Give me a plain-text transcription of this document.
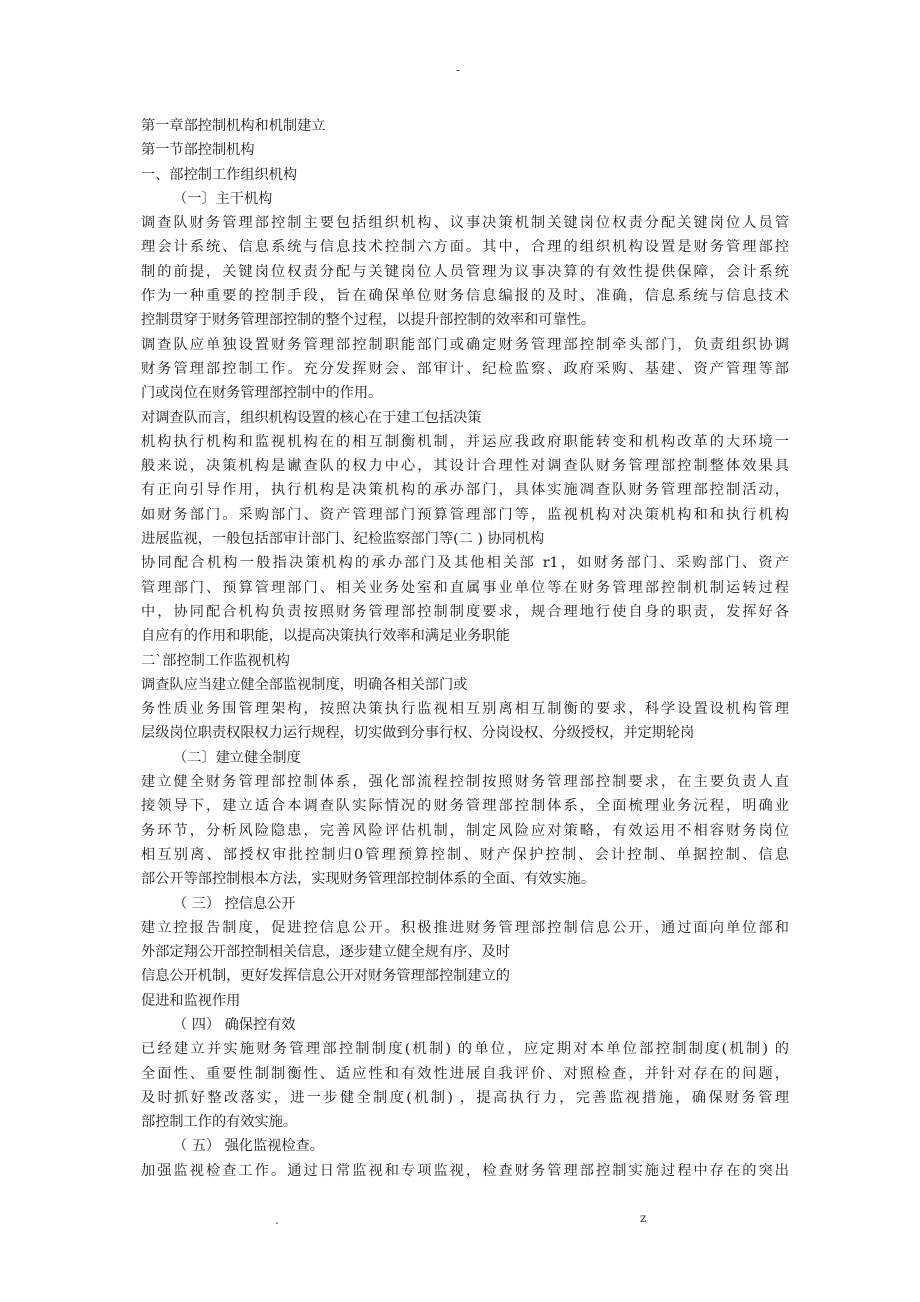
-
第一章部控制机构和机制建立
第一节部控制机构
一、部控制工作组织机构
（一〕主干机构
调查队财务管理部控制主要包括组织机构、议事决策机制关键岗位权责分配关键岗位人员管
理会计系统、信息系统与信息技术控制六方面。其中，合理的组织机构设置是财务管理部控
制的前提，关键岗位权责分配与关键岗位人员管理为议事决算的有效性提供保障，会计系统
作为一种重要的控制手段，旨在确保单位财务信息编报的及时、准确，信息系统与信息技术
控制贯穿于财务管理部控制的整个过程，以提升部控制的效率和可靠性。
调查队应单独设置财务管理部控制职能部门或确定财务管理部控制牵头部门，负责组织协调
财务管理部控制工作。充分发挥财会、部审计、纪检监察、政府采购、基建、资产管理等部
门或岗位在财务管理部控制中的作用。
对调查队而言，组织机构设置的核心在于建工包括决策
机构执行机构和监视机构在的相互制衡机制，并运应我政府职能转变和机构改革的大环境一
般来说，决策机构是谳查队的权力中心，其设计合理性对调查队财务管理部控制整体效果具
有正向引导作用，执行机构是决策机构的承办部门，具体实施凋查队财务管理部控制活动，
如财务部门。采购部门、资产管理部门预算管理部门等，监视机构对决策机构和和执行机构
进展监视，一般包括部审计部门、纪检监察部门等(二 ) 协同机构
协同配合机构一般指决策机构的承办部门及其他相关部 r1，如财务部门、采购部门、资产
管理部门、预算管理部门、相关业务处室和直属事业单位等在财务管理部控制机制运转过程
中，协同配合机构负责按照财务管理部控制制度要求，规合理地行使自身的职责，发挥好各
自应有的作用和职能，以提高决策执行效率和满足业务职能
二`部控制工作监视机构
调查队应当建立健全部监视制度，明确各相关部门或
务性质业务围管理架构，按照决策执行监视相互别离相互制衡的要求，科学设置设机构管理
层级岗位职责权限权力运行规程，切实做到分事行权、分岗设权、分级授权，并定期轮岗
（二〕建立健全制度
建立健全财务管理部控制体系，强化部流程控制按照财务管理部控制要求，在主要负责人直
接领导下，建立适合本调查队实际情况的财务管理部控制体系，全面梳理业务沅程，明确业
务环节，分析风险隐患，完善风险评估机制，制定风险应对策略，有效运用不相容财务岗位
相互别离、部授权审批控制归0管理预算控制、财产保护控制、会计控制、单据控制、信息
部公开等部控制根本方法，实现财务管理部控制体系的全面、有效实施。
（ 三） 控信息公开
建立控报告制度，促进控信息公开。积极推进财务管理部控制信息公开，通过面向单位部和
外部定翔公开部控制相关信息，逐步建立健全规有序、及时
信息公开机制，更好发挥信息公开对财务管理部控制建立的
促进和监视作用
（ 四） 确保控有效
已经建立并实施财务管理部控制制度(机制) 的单位，应定期对本单位部控制制度(机制) 的
全面性、重要性制制衡性、适应性和有效性进展自我评价、对照检查，并针对存在的问题，
及时抓好整改落实，进一步健全制度(机制) ，提高执行力，完善监视措施，确保财务管理
部控制工作的有效实施。
（ 五） 强化监视检查。
加强监视检查工作。通过日常监视和专项监视，检查财务管理部控制实施过程中存在的突出
.	z
